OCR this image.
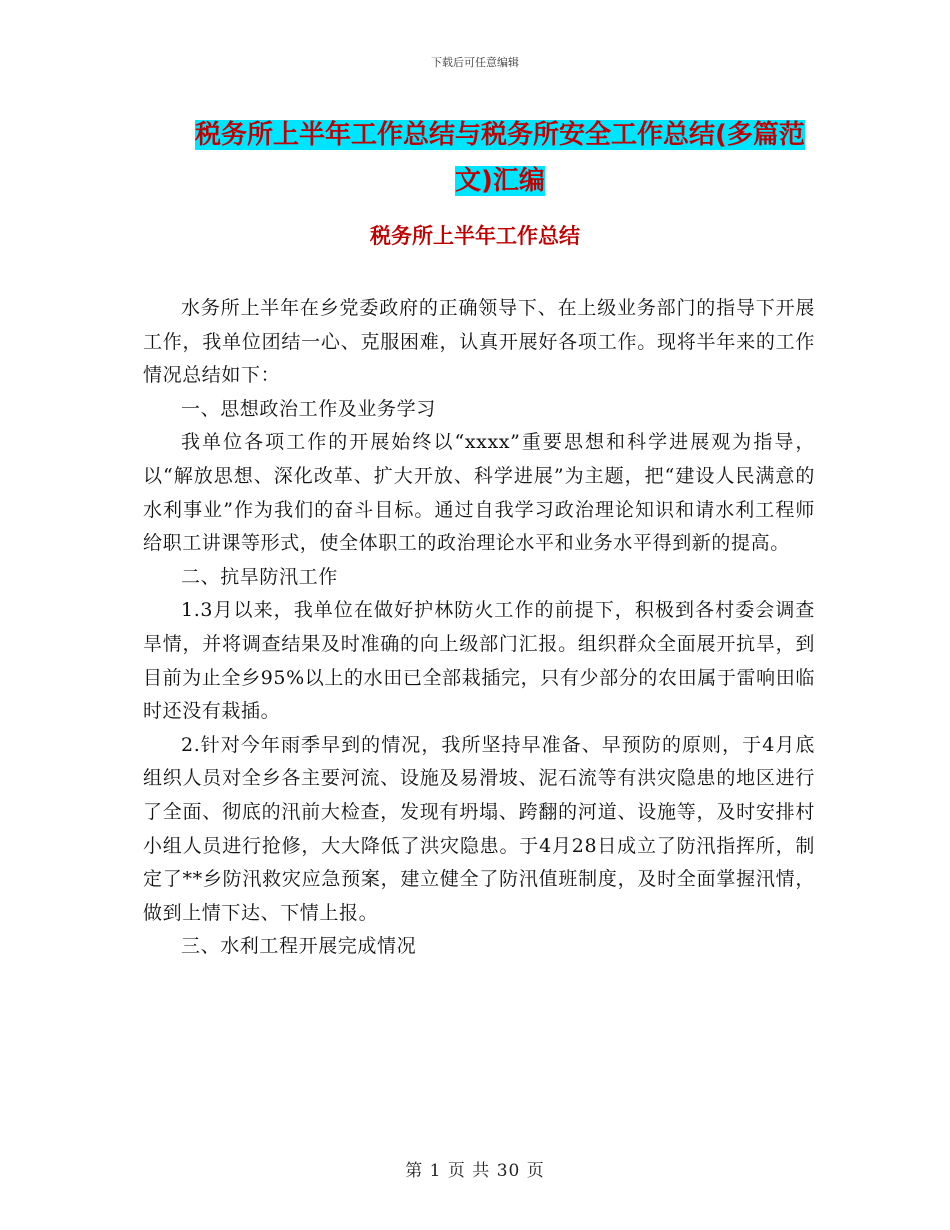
下载后可任意编辑
税务所上半年工作总结与税务所安全工作总结(多篇范文)汇编
税务所上半年工作总结

水务所上半年在乡党委政府的正确领导下、在上级业务部门的指导下开展工作，我单位团结一心、克服困难，认真开展好各项工作。现将半年来的工作情况总结如下：

一、思想政治工作及业务学习

我单位各项工作的开展始终以“xxxx”重要思想和科学进展观为指导，以“解放思想、深化改革、扩大开放、科学进展”为主题，把“建设人民满意的水利事业”作为我们的奋斗目标。通过自我学习政治理论知识和请水利工程师给职工讲课等形式，使全体职工的政治理论水平和业务水平得到新的提高。

二、抗旱防汛工作

1.3月以来，我单位在做好护林防火工作的前提下，积极到各村委会调查旱情，并将调查结果及时准确的向上级部门汇报。组织群众全面展开抗旱，到目前为止全乡95%以上的水田已全部栽插完，只有少部分的农田属于雷响田临时还没有栽插。

2.针对今年雨季早到的情况，我所坚持早准备、早预防的原则，于4月底组织人员对全乡各主要河流、设施及易滑坡、泥石流等有洪灾隐患的地区进行了全面、彻底的汛前大检查，发现有坍塌、跨翻的河道、设施等，及时安排村小组人员进行抢修，大大降低了洪灾隐患。于4月28日成立了防汛指挥所，制定了**乡防汛救灾应急预案，建立健全了防汛值班制度，及时全面掌握汛情，做到上情下达、下情上报。

三、水利工程开展完成情况

第 1 页 共 30 页
